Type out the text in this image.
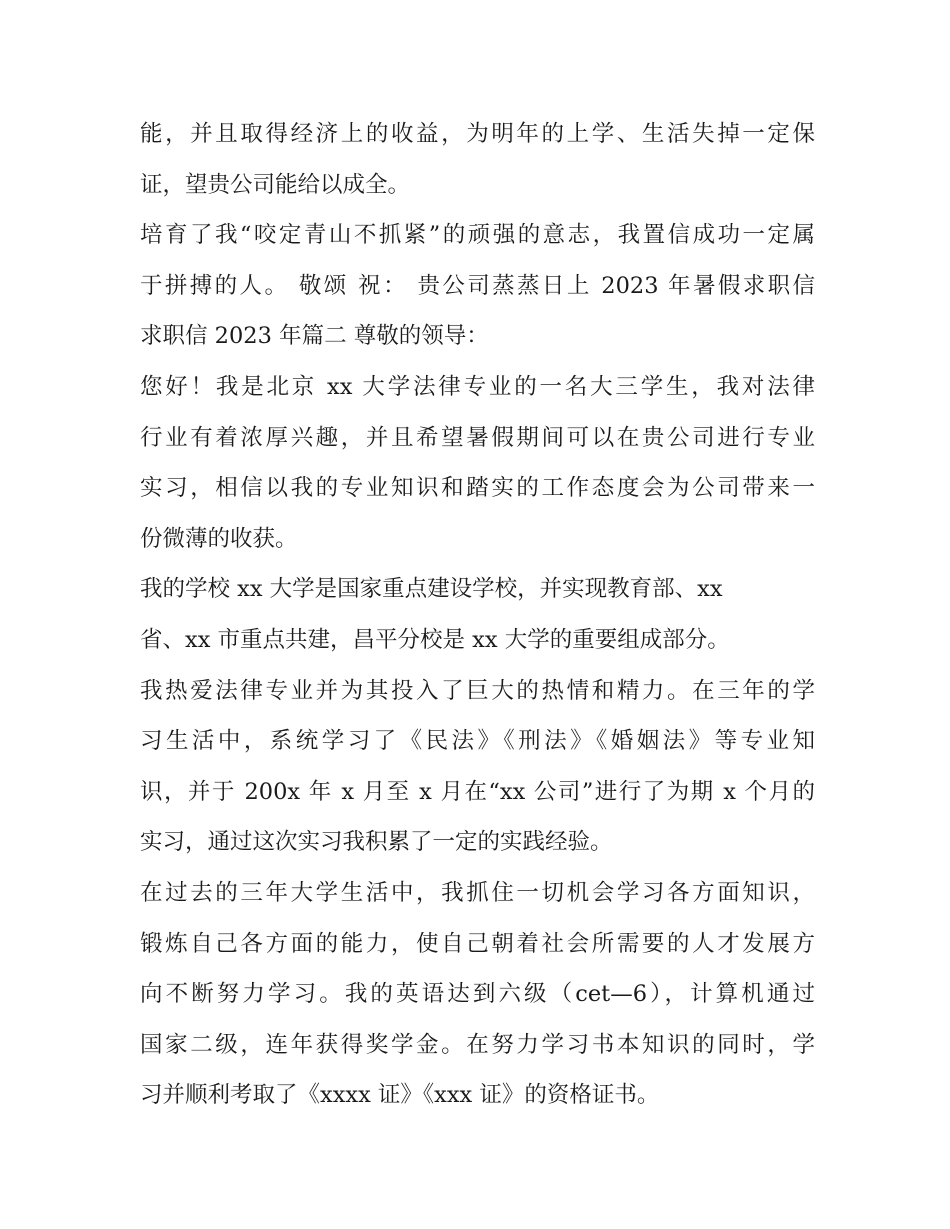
能，并且取得经济上的收益，为明年的上学、生活失掉一定保
证，望贵公司能给以成全。
培育了我“咬定青山不抓紧”的顽强的意志，我置信成功一定属
于拼搏的人。 敬颂 祝： 贵公司蒸蒸日上 2023 年暑假求职信
求职信 2023 年篇二 尊敬的领导：
您好！我是北京 xx 大学法律专业的一名大三学生，我对法律
行业有着浓厚兴趣，并且希望暑假期间可以在贵公司进行专业
实习，相信以我的专业知识和踏实的工作态度会为公司带来一
份微薄的收获。
我的学校 xx 大学是国家重点建设学校，并实现教育部、xx
省、xx 市重点共建，昌平分校是 xx 大学的重要组成部分。
我热爱法律专业并为其投入了巨大的热情和精力。在三年的学
习生活中，系统学习了《民法》《刑法》《婚姻法》等专业知
识，并于 200x 年 x 月至 x 月在“xx 公司”进行了为期 x 个月的
实习，通过这次实习我积累了一定的实践经验。
在过去的三年大学生活中，我抓住一切机会学习各方面知识，
锻炼自己各方面的能力，使自己朝着社会所需要的人才发展方
向不断努力学习。我的英语达到六级（cet—6），计算机通过
国家二级，连年获得奖学金。在努力学习书本知识的同时，学
习并顺利考取了《xxxx 证》《xxx 证》的资格证书。
